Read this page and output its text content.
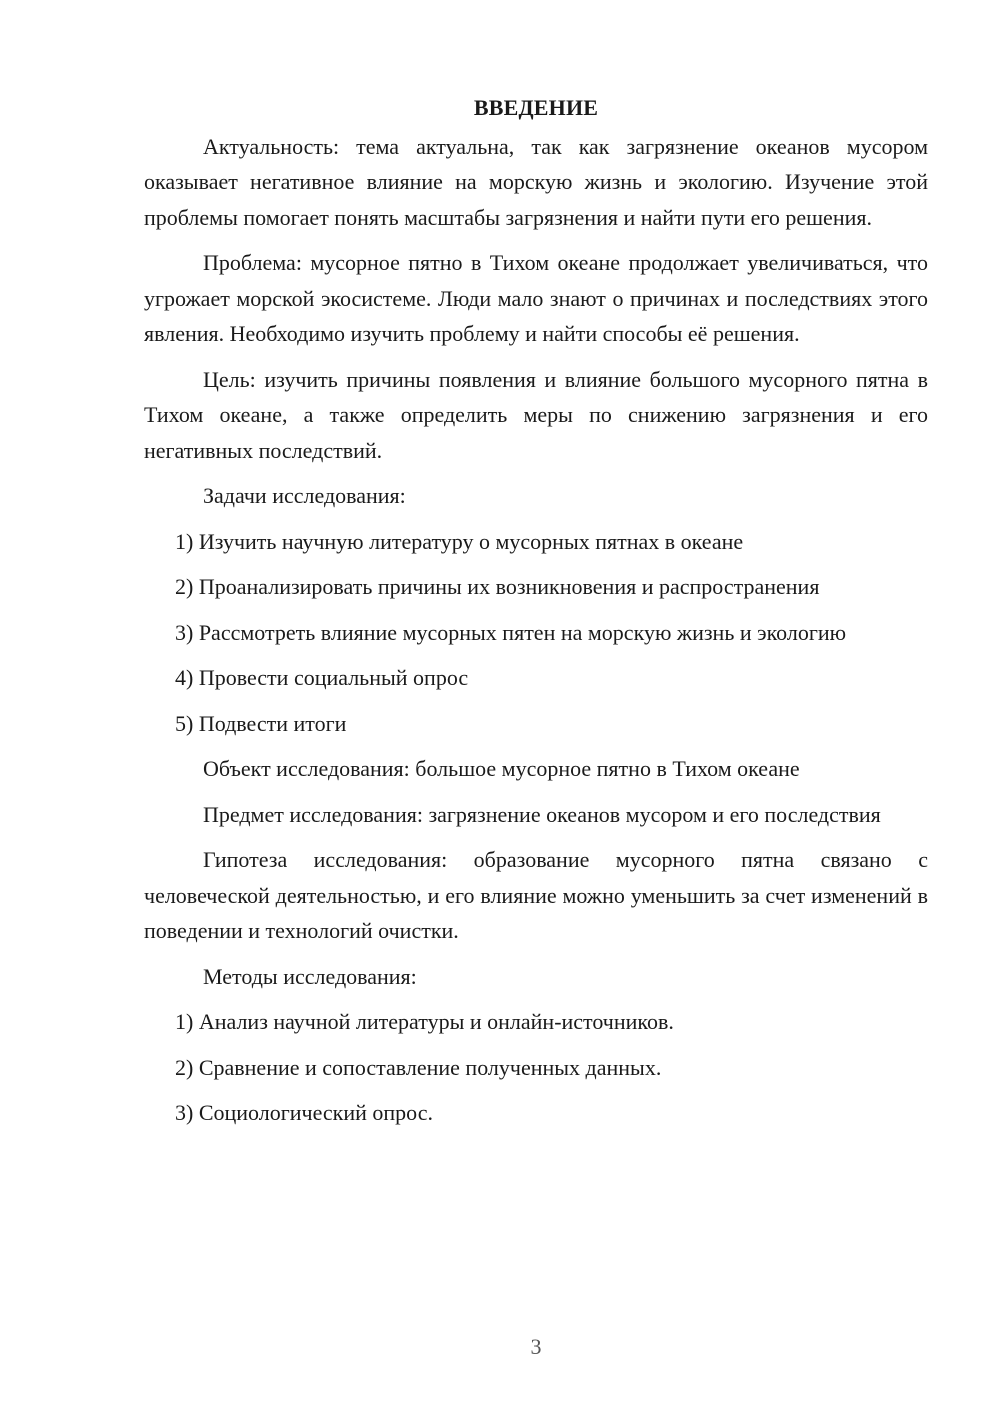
ВВЕДЕНИЕ

Актуальность: тема актуальна, так как загрязнение океанов мусором оказывает негативное влияние на морскую жизнь и экологию. Изучение этой проблемы помогает понять масштабы загрязнения и найти пути его решения.

Проблема: мусорное пятно в Тихом океане продолжает увеличиваться, что угрожает морской экосистеме. Люди мало знают о причинах и последствиях этого явления. Необходимо изучить проблему и найти способы её решения.

Цель: изучить причины появления и влияние большого мусорного пятна в Тихом океане, а также определить меры по снижению загрязнения и его негативных последствий.

Задачи исследования:

1) Изучить научную литературу о мусорных пятнах в океане

2) Проанализировать причины их возникновения и распространения

3) Рассмотреть влияние мусорных пятен на морскую жизнь и экологию

4) Провести социальный опрос

5) Подвести итоги

Объект исследования: большое мусорное пятно в Тихом океане

Предмет исследования: загрязнение океанов мусором и его последствия

Гипотеза исследования: образование мусорного пятна связано с человеческой деятельностью, и его влияние можно уменьшить за счет изменений в поведении и технологий очистки.

Методы исследования:

1) Анализ научной литературы и онлайн-источников.

2) Сравнение и сопоставление полученных данных.

3) Социологический опрос.

3
